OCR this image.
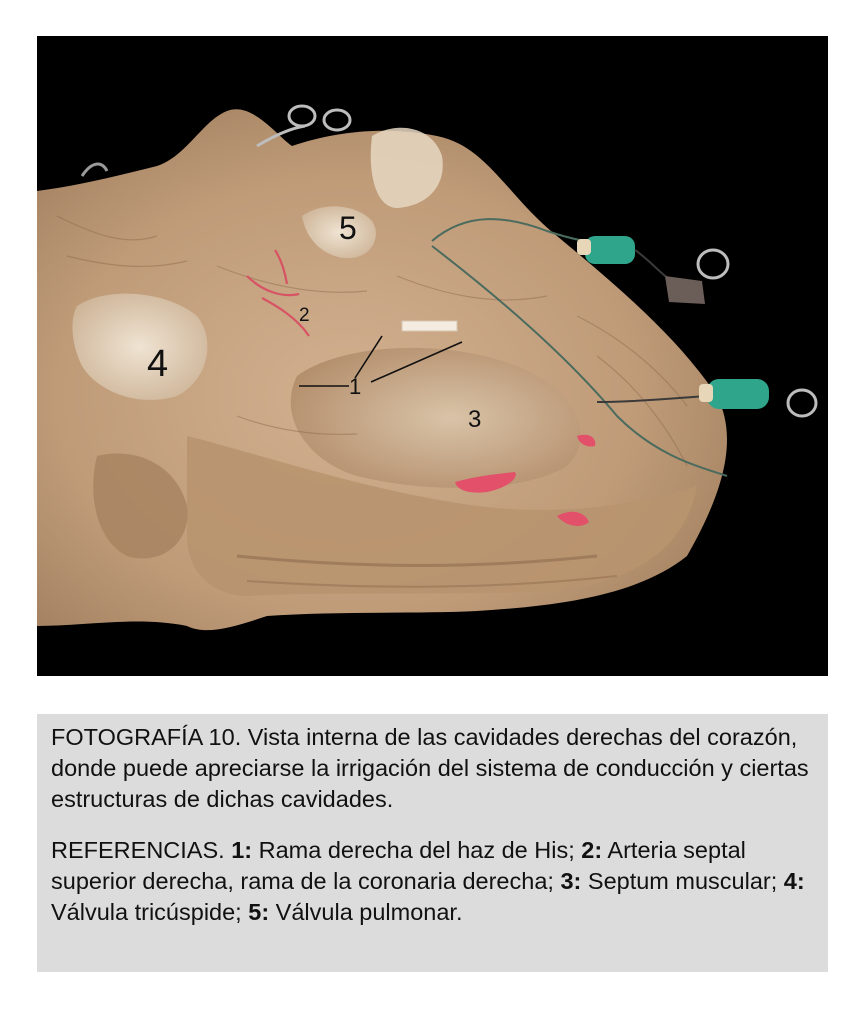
1
2
3
4
5

FOTOGRAFÍA 10. Vista interna de las cavidades derechas del corazón, donde puede apreciarse la irrigación del sistema de conducción y ciertas estructuras de dichas cavidades.

REFERENCIAS. 1: Rama derecha del haz de His; 2: Arteria septal superior derecha, rama de la coronaria derecha; 3: Septum muscular; 4: Válvula tricúspide; 5: Válvula pulmonar.
